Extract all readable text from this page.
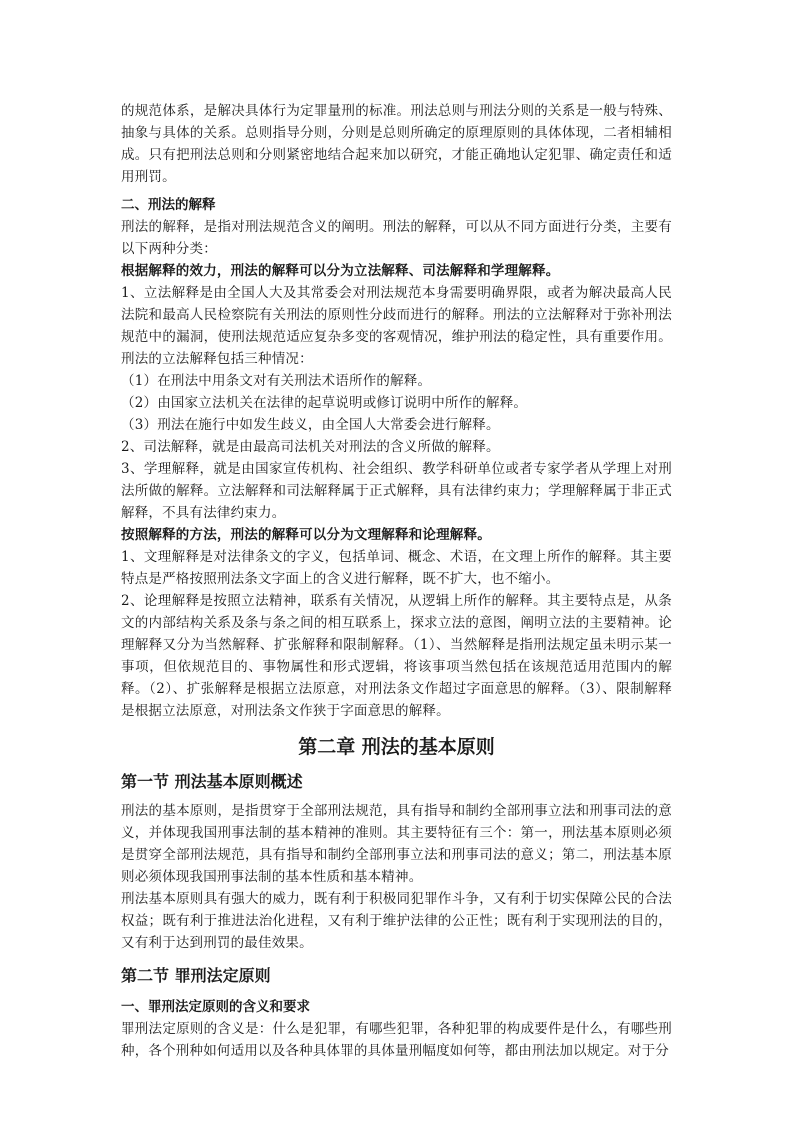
的规范体系，是解决具体行为定罪量刑的标准。刑法总则与刑法分则的关系是一般与特殊、抽象与具体的关系。总则指导分则，分则是总则所确定的原理原则的具体体现，二者相辅相成。只有把刑法总则和分则紧密地结合起来加以研究，才能正确地认定犯罪、确定责任和适用刑罚。

二、刑法的解释

刑法的解释，是指对刑法规范含义的阐明。刑法的解释，可以从不同方面进行分类，主要有以下两种分类：

根据解释的效力，刑法的解释可以分为立法解释、司法解释和学理解释。

1、立法解释是由全国人大及其常委会对刑法规范本身需要明确界限，或者为解决最高人民法院和最高人民检察院有关刑法的原则性分歧而进行的解释。刑法的立法解释对于弥补刑法规范中的漏洞，使刑法规范适应复杂多变的客观情况，维护刑法的稳定性，具有重要作用。刑法的立法解释包括三种情况：

（1）在刑法中用条文对有关刑法术语所作的解释。

（2）由国家立法机关在法律的起草说明或修订说明中所作的解释。

（3）刑法在施行中如发生歧义，由全国人大常委会进行解释。

2、司法解释，就是由最高司法机关对刑法的含义所做的解释。

3、学理解释，就是由国家宣传机构、社会组织、教学科研单位或者专家学者从学理上对刑法所做的解释。立法解释和司法解释属于正式解释，具有法律约束力；学理解释属于非正式解释，不具有法律约束力。

按照解释的方法，刑法的解释可以分为文理解释和论理解释。

1、文理解释是对法律条文的字义，包括单词、概念、术语，在文理上所作的解释。其主要特点是严格按照刑法条文字面上的含义进行解释，既不扩大，也不缩小。

2、论理解释是按照立法精神，联系有关情况，从逻辑上所作的解释。其主要特点是，从条文的内部结构关系及条与条之间的相互联系上，探求立法的意图，阐明立法的主要精神。论理解释又分为当然解释、扩张解释和限制解释。（1）、当然解释是指刑法规定虽未明示某一事项，但依规范目的、事物属性和形式逻辑，将该事项当然包括在该规范适用范围内的解释。（2）、扩张解释是根据立法原意，对刑法条文作超过字面意思的解释。（3）、限制解释是根据立法原意，对刑法条文作狭于字面意思的解释。

第二章 刑法的基本原则
第一节 刑法基本原则概述

刑法的基本原则，是指贯穿于全部刑法规范，具有指导和制约全部刑事立法和刑事司法的意义，并体现我国刑事法制的基本精神的准则。其主要特征有三个：第一，刑法基本原则必须是贯穿全部刑法规范，具有指导和制约全部刑事立法和刑事司法的意义；第二，刑法基本原则必须体现我国刑事法制的基本性质和基本精神。

刑法基本原则具有强大的威力，既有利于积极同犯罪作斗争，又有利于切实保障公民的合法权益；既有利于推进法治化进程，又有利于维护法律的公正性；既有利于实现刑法的目的，又有利于达到刑罚的最佳效果。

第二节 罪刑法定原则
一、罪刑法定原则的含义和要求

罪刑法定原则的含义是：什么是犯罪，有哪些犯罪，各种犯罪的构成要件是什么，有哪些刑种，各个刑种如何适用以及各种具体罪的具体量刑幅度如何等，都由刑法加以规定。对于分
